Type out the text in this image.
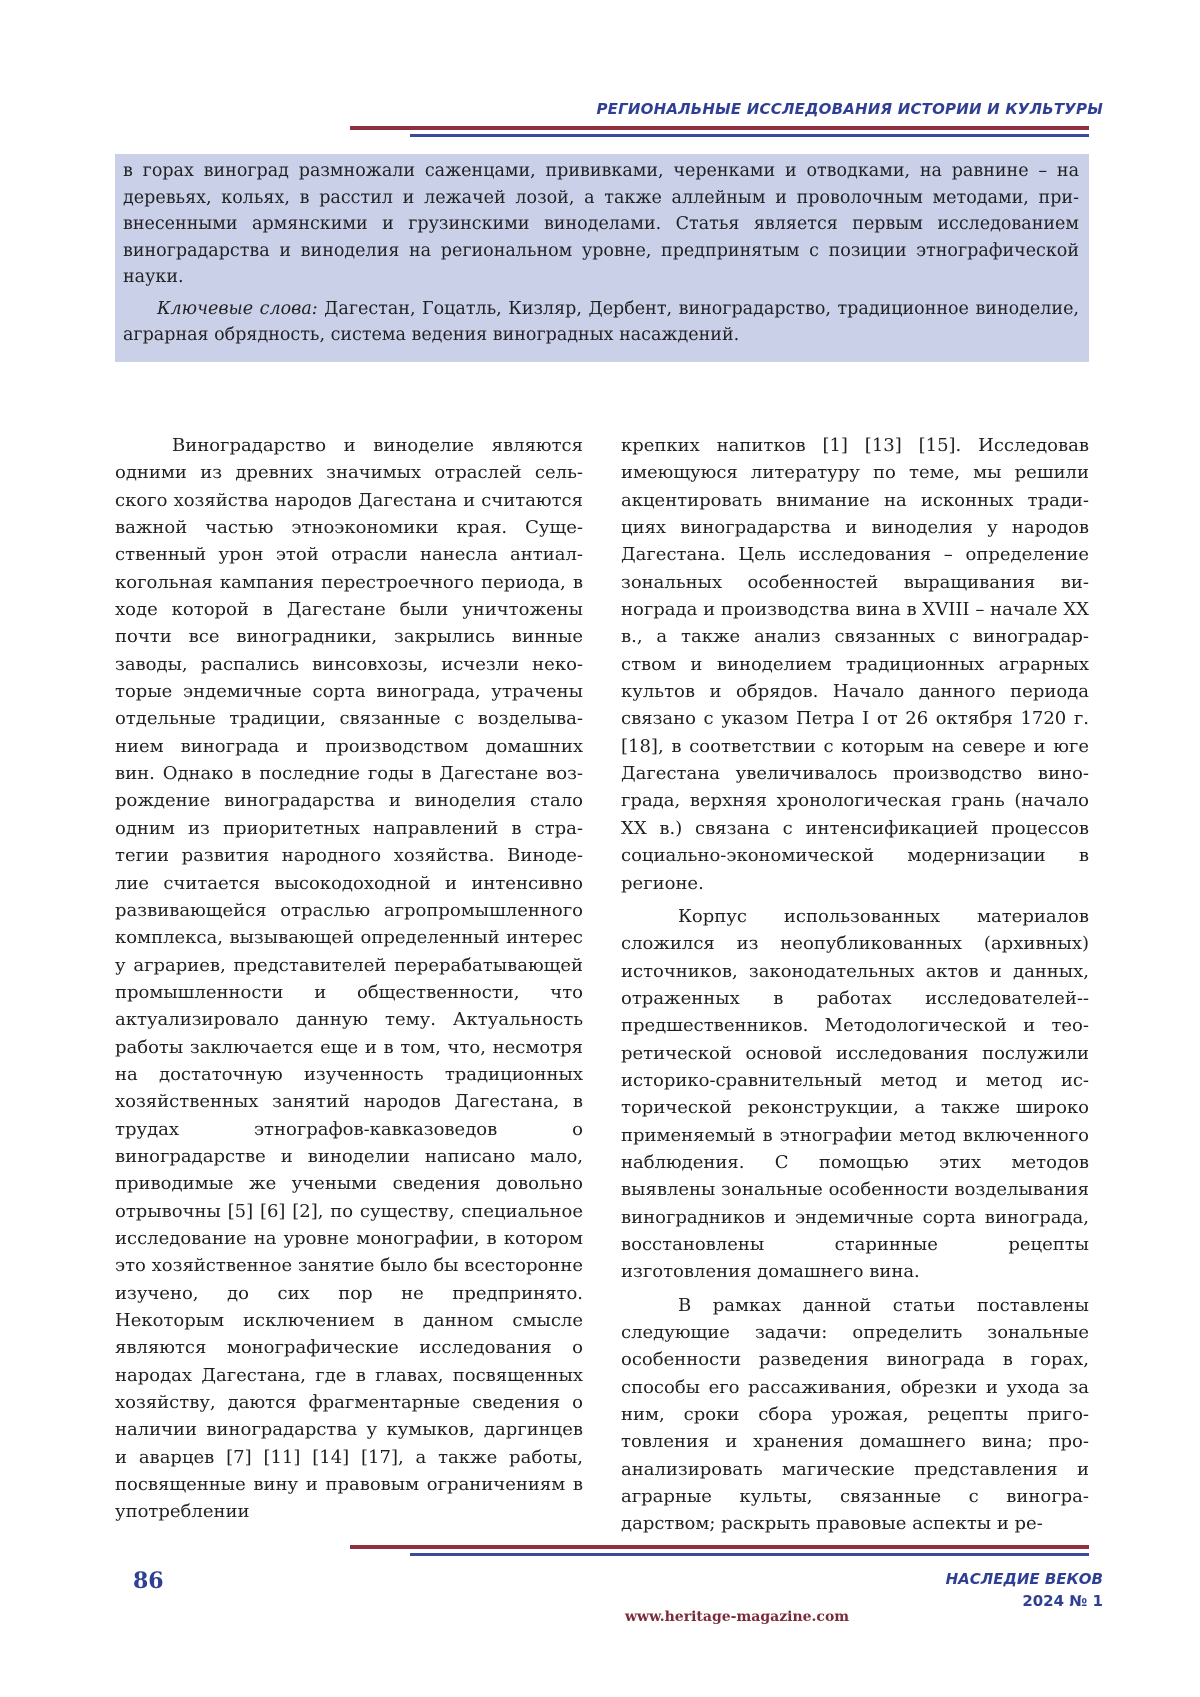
РЕГИОНАЛЬНЫЕ ИССЛЕДОВАНИЯ ИСТОРИИ И КУЛЬТУРЫ

в горах виноград размножали саженцами, прививками, черенками и отводками, на равнине – на деревьях, кольях, в расстил и лежачей лозой, а также аллейным и проволочным методами, привнесенными армянскими и грузинскими виноделами. Статья является первым исследованием виноградарства и виноделия на региональном уровне, предпринятым с позиции этнографической науки.

Ключевые слова: Дагестан, Гоцатль, Кизляр, Дербент, виноградарство, традиционное виноделие, аграрная обрядность, система ведения виноградных насаждений.

Виноградарство и виноделие являются одними из древних значимых отраслей сельского хозяйства народов Дагестана и считаются важной частью этноэкономики края. Существенный урон этой отрасли нанесла антиалкогольная кампания перестроечного периода, в ходе которой в Дагестане были уничтожены почти все виноградники, закрылись винные заводы, распались винсовхозы, исчезли некоторые эндемичные сорта винограда, утрачены отдельные традиции, связанные с возделыванием винограда и производством домашних вин. Однако в последние годы в Дагестане возрождение виноградарства и виноделия стало одним из приоритетных направлений в стратегии развития народного хозяйства. Виноделие считается высокодоходной и интенсивно развивающейся отраслью агропромышленного комплекса, вызывающей определенный интерес у аграриев, представителей перерабатывающей промышленности и общественности, что актуализировало данную тему. Актуальность работы заключается еще и в том, что, несмотря на достаточную изученность традиционных хозяйственных занятий народов Дагестана, в трудах этнографов-кавказоведов о виноградарстве и виноделии написано мало, приводимые же учеными сведения довольно отрывочны [5] [6] [2], по существу, специальное исследование на уровне монографии, в котором это хозяйственное занятие было бы всесторонне изучено, до сих пор не предпринято. Некоторым исключением в данном смысле являются монографические исследования о народах Дагестана, где в главах, посвященных хозяйству, даются фрагментарные сведения о наличии виноградарства у кумыков, даргинцев и аварцев [7] [11] [14] [17], а также работы, посвященные вину и правовым ограничениям в употреблении

крепких напитков [1] [13] [15]. Исследовав имеющуюся литературу по теме, мы решили акцентировать внимание на исконных традициях виноградарства и виноделия у народов Дагестана. Цель исследования – определение зональных особенностей выращивания винограда и производства вина в XVIII – начале XX в., а также анализ связанных с виноградарством и виноделием традиционных аграрных культов и обрядов. Начало данного периода связано с указом Петра I от 26 октября 1720 г. [18], в соответствии с которым на севере и юге Дагестана увеличивалось производство винограда, верхняя хронологическая грань (начало XX в.) связана с интенсификацией процессов социально-экономической модернизации в регионе.

Корпус использованных материалов сложился из неопубликованных (архивных) источников, законодательных актов и данных, отраженных в работах исследователей-предшественников. Методологической и теоретической основой исследования послужили историко-сравнительный метод и метод исторической реконструкции, а также широко применяемый в этнографии метод включенного наблюдения. С помощью этих методов выявлены зональные особенности возделывания виноградников и эндемичные сорта винограда, восстановлены старинные рецепты изготовления домашнего вина.

В рамках данной статьи поставлены следующие задачи: определить зональные особенности разведения винограда в горах, способы его рассаживания, обрезки и ухода за ним, сроки сбора урожая, рецепты приготовления и хранения домашнего вина; проанализировать магические представления и аграрные культы, связанные с виноградарством; раскрыть правовые аспекты и ре-

86
www.heritage-magazine.com
НАСЛЕДИЕ ВЕКОВ
2024 № 1
